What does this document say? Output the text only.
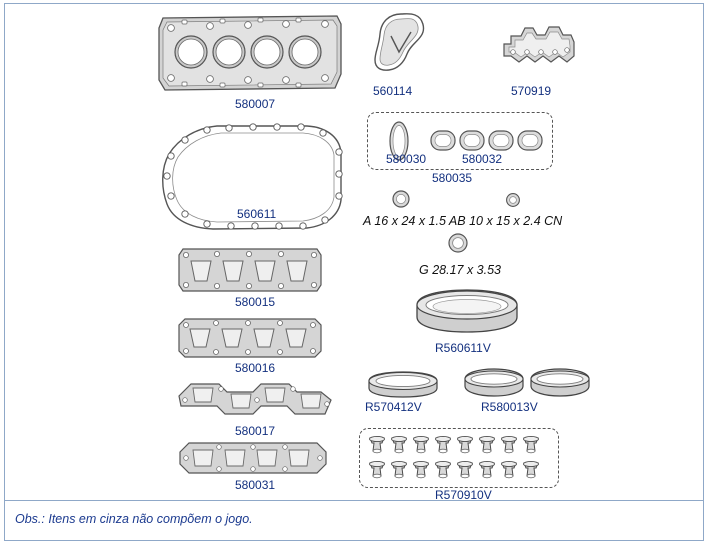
580007
560114	570919
580030	580032
580035
560611	A 16 x 24 x 1.5 AB 10 x 15 x 2.4 CN
G 28.17 x 3.53
580015
580016
580017
580031
R560611V
R570412V	R580013V
R570910V
Obs.: Itens em cinza não compõem o jogo.
